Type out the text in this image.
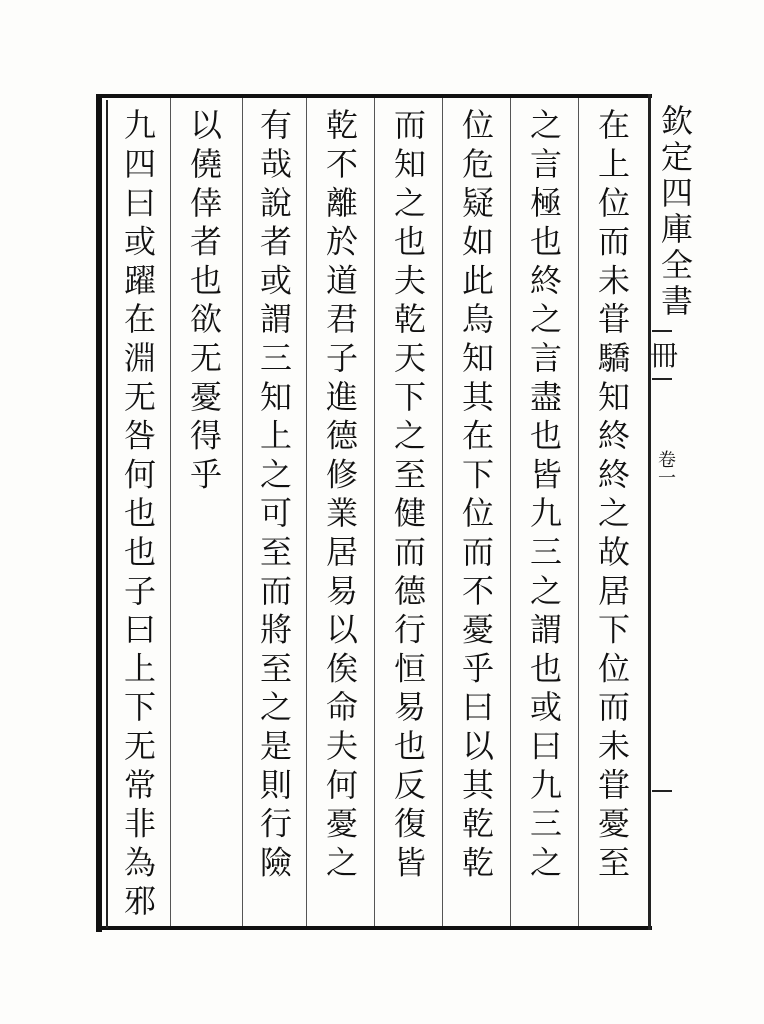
在上位而未甞驕知終終之故居下位而未甞憂至
之言極也終之言盡也皆九三之謂也或曰九三之
位危疑如此烏知其在下位而不憂乎曰以其乾乾
而知之也夫乾天下之至健而德行恒易也反復皆
乾不離於道君子進德修業居易以俟命夫何憂之
有哉說者或謂三知上之可至而將至之是則行險
以僥倖者也欲无憂得乎
九四曰或躍在淵无咎何也也子曰上下无常非為邪	欽定四庫全書
冊
卷一
